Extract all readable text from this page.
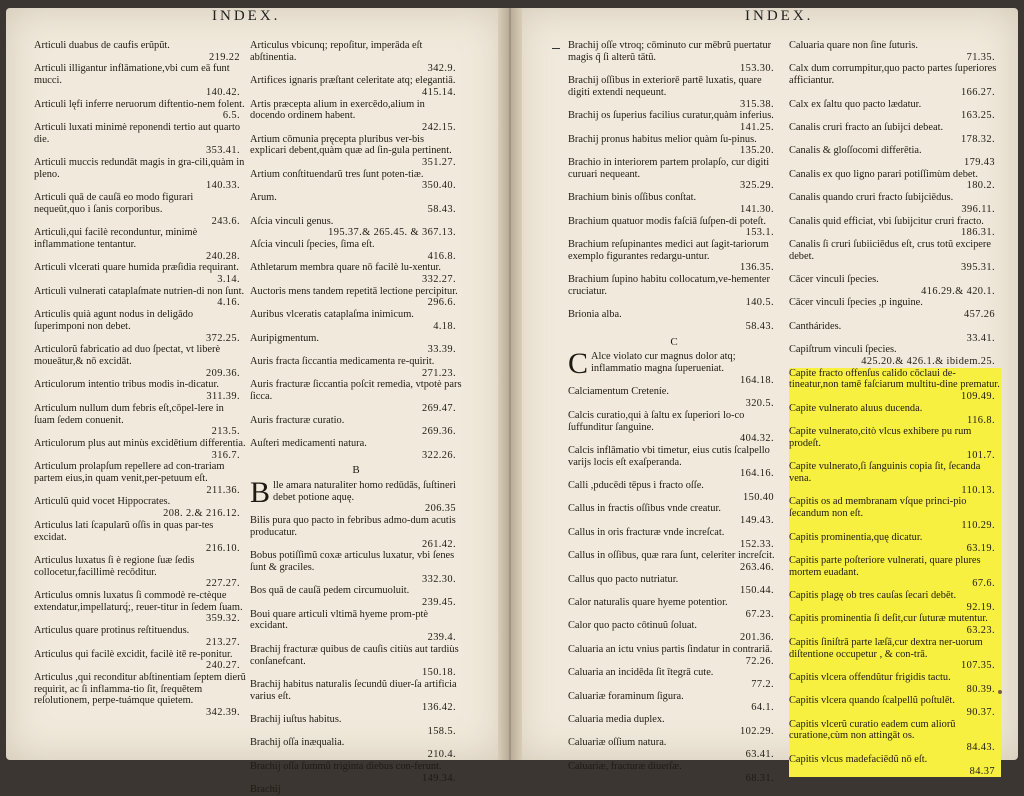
INDEX.	INDEX.
Articuli duabus de caufis erũpũt.
219.22
Articuli illigantur inflāmatione,vbi cum eā funt mucci.
140.42.
Articuli lęfi inferre neruorum diftentio-nem folent.
6.5.
Articuli luxati minimè reponendi tertio aut quarto die.
353.41.
Articuli muccis redundāt magis in gra-cili,quàm in pleno.
140.33.
Articuli quā de cauſā eo modo figurari nequeũt,quo ì ſanis corporibus.
243.6.
Articuli,qui facilè reconduntur, minimè inflammatione tentantur.
240.28.
Articuli vlcerati quare humida præſidia requirant.
3.14.
Articuli vulnerati cataplaſmate nutrien-di non ſunt.
4.16.
Articulis quià agunt nodus in deligādo ſuperimponi non debet.
372.25.
Articulorũ fabricatio ad duo ſpectat, vt liberè moueātur,& nō excidāt.
209.36.
Articulorum intentio tribus modis in-dicatur.
311.39.
Articulum nullum dum febris eſt,cōpel-lere in ſuam ſedem conuenit.
213.5.
Articulorum plus aut minùs excidētium differentia.
316.7.
Articulum prolapſum repellere ad con-trariam partem eius,in quam venit,per-petuum eſt.
211.36.
Articulũ quid vocet Hippocrates.
208. 2.& 216.12.
Articulus lati ſcapularũ oſſis in quas par-tes excidat.
216.10.
Articulus luxatus ſi è regione ſuæ ſedis collocetur,facillimè recōditur.
227.27.
Articulus omnis luxatus ſi commodè re-ctèque extendatur,impellaturq́;, reuer-titur in ſedem ſuam.
359.32.
Articulus quare protinus reſtituendus.
213.27.
Articulus qui facilè excidit, facilè itē re-ponitur.
240.27.
Articulus ,qui reconditur abſtinentiam ſeptem dierũ requirit, ac ſi inflamma-tio ſit, ſrequētem reſolutionem, perpe-tuámque quietem.
342.39.
Articulus vbicunq; repoſitur, imperāda eſt abſtinentia.
342.9.
Artifices ignaris præſtant celeritate atq; elegantiā.
415.14.
Artis præcepta alium in exercēdo,alium in docendo ordinem habent.
242.15.
Artium cōmunia pręcepta pluribus ver-bis explicari debent,quàm quæ ad ſin-gula pertinent.
351.27.
Artium conſtituendarũ tres ſunt poten-tiæ.
350.40.
Arum.
58.43.
Aſcia vinculi genus.
195.37.& 265.45. & 367.13.
Aſcia vinculi ſpecies, ſima eſt.
416.8.
Athletarum membra quare nō facilè lu-xentur.
332.27.
Auctoris mens tandem repetitā lectione percipitur.
296.6.
Auribus vlceratis cataplaſma inimicum.
4.18.
Auripigmentum.
33.39.
Auris fracta ſiccantia medicamenta re-quirit.
271.23.
Auris fracturæ ſiccantia poſcit remedia, vtpotè pars ſicca.
269.47.
Auris fracturæ curatio.
269.36.
Auſteri medicamenti natura.
322.26.
B
Blle amara naturaliter homo redūdās, ſuſtineri debet potione aquę.
206.35
Bilis pura quo pacto in febribus admo-dum acutis producatur.
261.42.
Bobus potiſſimũ coxæ articulus luxatur, vbi ſenes ſunt & graciles.
332.30.
Bos quā de cauſā pedem circumuoluit.
239.45.
Boui quare articuli vltimā hyeme prom-ptè excidant.
239.4.
Brachij fracturæ quibus de cauſis citiùs aut tardiùs conſanefcant.
150.18.
Brachij habitus naturalis ſecundũ diuer-ſa artificia varius eſt.
136.42.
Brachij iuſtus habitus.
158.5.
Brachij oſſa inæqualia.
210.4.
Brachij oſſa ſummũ triginta diebus con-ferunt.
149.34.
Brachij
Brachij oſſe vtroq; cōminuto cur mēbrũ puertatur magis q̃ ſi alterũ tātũ.
153.30.
Brachij oſſibus in exteriorē partē luxatis, quare digiti extendi nequeunt.
315.38.
Brachij os ſuperius facilius curatur,quàm inferius.
141.25.
Brachij pronus habitus melior quàm ſu-pinus.
135.20.
Brachio in interiorem partem prolapſo, cur digiti curuari nequeant.
325.29.
Brachium binis oſſibus conſtat.
141.30.
Brachium quatuor modis faſciā ſuſpen-di poteſt.
153.1.
Brachium reſupinantes medici aut ſagit-tariorum exemplo figurantes redargu-untur.
136.35.
Brachium ſupino habitu collocatum,ve-hementer cruciatur.
140.5.
Brionia alba.
58.43.
C
C Alce violato cur magnus dolor atq; inflammatio magna ſuperueniat.
164.18.
Calciamentum Creteníe.
320.5.
Calcis curatio,qui à ſaltu ex ſuperiori lo-co ſuffunditur ſanguine.
404.32.
Calcis inflāmatio vbi timetur, eius cutis ſcalpello varijs locis eſt exaſperanda.
164.16.
Calli ,pducēdi tēpus ì fracto oſſe.
150.40
Callus in fractis oſſibus vnde creatur.
149.43.
Callus in oris fracturæ vnde increſcat.
152.33.
Callus in oſſibus, quæ rara ſunt, celeriter increſcit.
263.46.
Callus quo pacto nutriatur.
150.44.
Calor naturalis quare hyeme potentior.
67.23.
Calor quo pacto cōtinuũ ſoluat.
201.36.
Caluaria an ictu vnius partis ſindatur in contrariā.
72.26.
Caluaria an incidēda ſit ītegrā cute.
77.2.
Caluariæ foraminum ſigura.
64.1.
Caluaria media duplex.
102.29.
Caluariæ oſſium natura.
63.41.
Caluariæ, fracturæ diuerſæ.
68.31.
Caluaria quare non ſine ſuturis.
71.35.
Calx dum corrumpitur,quo pacto partes ſuperiores afficiantur.
166.27.
Calx ex ſaltu quo pacto lædatur.
163.25.
Canalis cruri fracto an ſubijci debeat.
178.32.
Canalis & gloſſocomi differētia.
179.43
Canalis ex quo ligno parari potiſſimùm debet.
180.2.
Canalis quando cruri fracto ſubijciēdus.
396.11.
Canalis quid efficiat, vbi ſubijcitur cruri fracto.
186.31.
Canalis ſi cruri ſubiiciēdus eſt, crus totũ excipere debet.
395.31.
Cācer vinculi ſpecies.
416.29.& 420.1.
Cācer vinculi ſpecies ,p inguine.
457.26
Canthárides.
33.41.
Capiſtrum vinculi ſpecies.
425.20.& 426.1.& ibidem.25.
Capite fracto offenſus calido cōclaui de-tineatur,non tamē faſciarum multitu-dine prematur.
109.49.
Capite vulnerato aluus ducenda.
116.8.
Capite vulnerato,citò vlcus exhibere pu rum prodeſt.
101.7.
Capite vulnerato,ſi ſanguinis copia ſit, ſecanda vena.
110.13.
Capitis os ad membranam vſque princi-pio ſecandum non eſt.
110.29.
Capitis prominentia,quę dicatur.
63.19.
Capitis parte poſteriore vulnerati, quare plures mortem euadant.
67.6.
Capitis plagę ob tres cauſas ſecari debēt.
92.19.
Capitis prominentia ſi deſit,cur ſuturæ mutentur.
63.23.
Capitis ſiniſtrā parte læſā,cur dextra ner-uorum diſtentione occupetur , & con-trā.
107.35.
Capitis vlcera offendũtur frigidis tactu.
80.39.
Capitis vlcera quando ſcalpellũ poſtulēt.
90.37.
Capitis vlcerũ curatio eadem cum aliorũ curatione,cùm non attingāt os.
84.43.
Capitis vlcus madefaciēdũ nō eſt.
84.37
